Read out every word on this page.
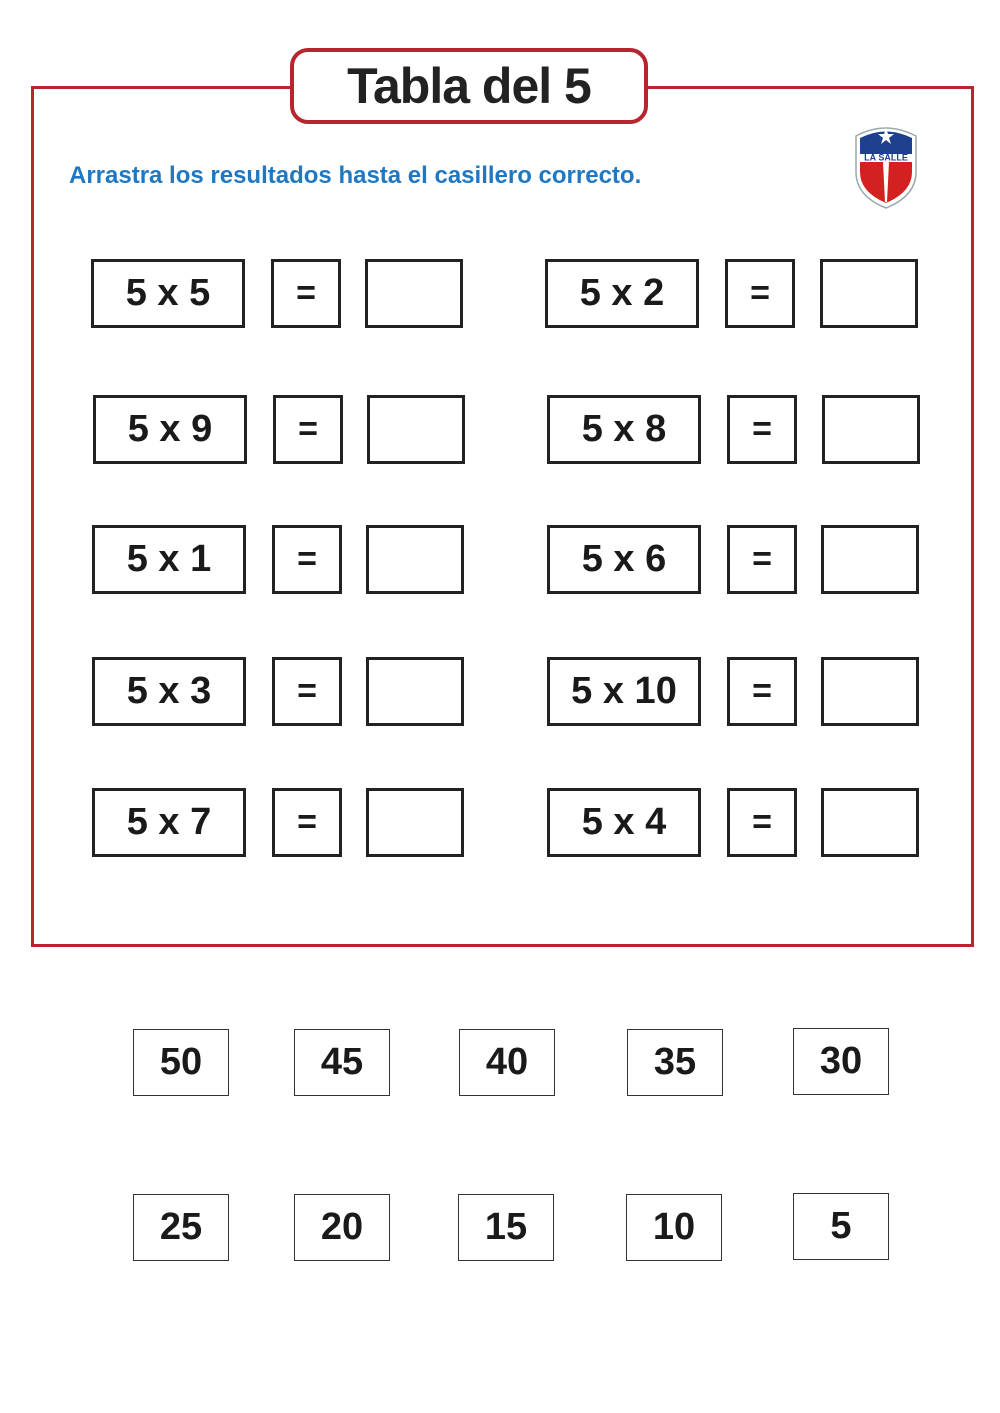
Tabla del 5
Arrastra los resultados hasta el casillero correcto.
LA SALLE
5 x 5	=
5 x 9	=
5 x 1	=
5 x 3	=
5 x 7	=
5 x 2	=
5 x 8	=
5 x 6	=
5 x 10	=
5 x 4	=
50	45	40	35	30
25	20	15	10	5
